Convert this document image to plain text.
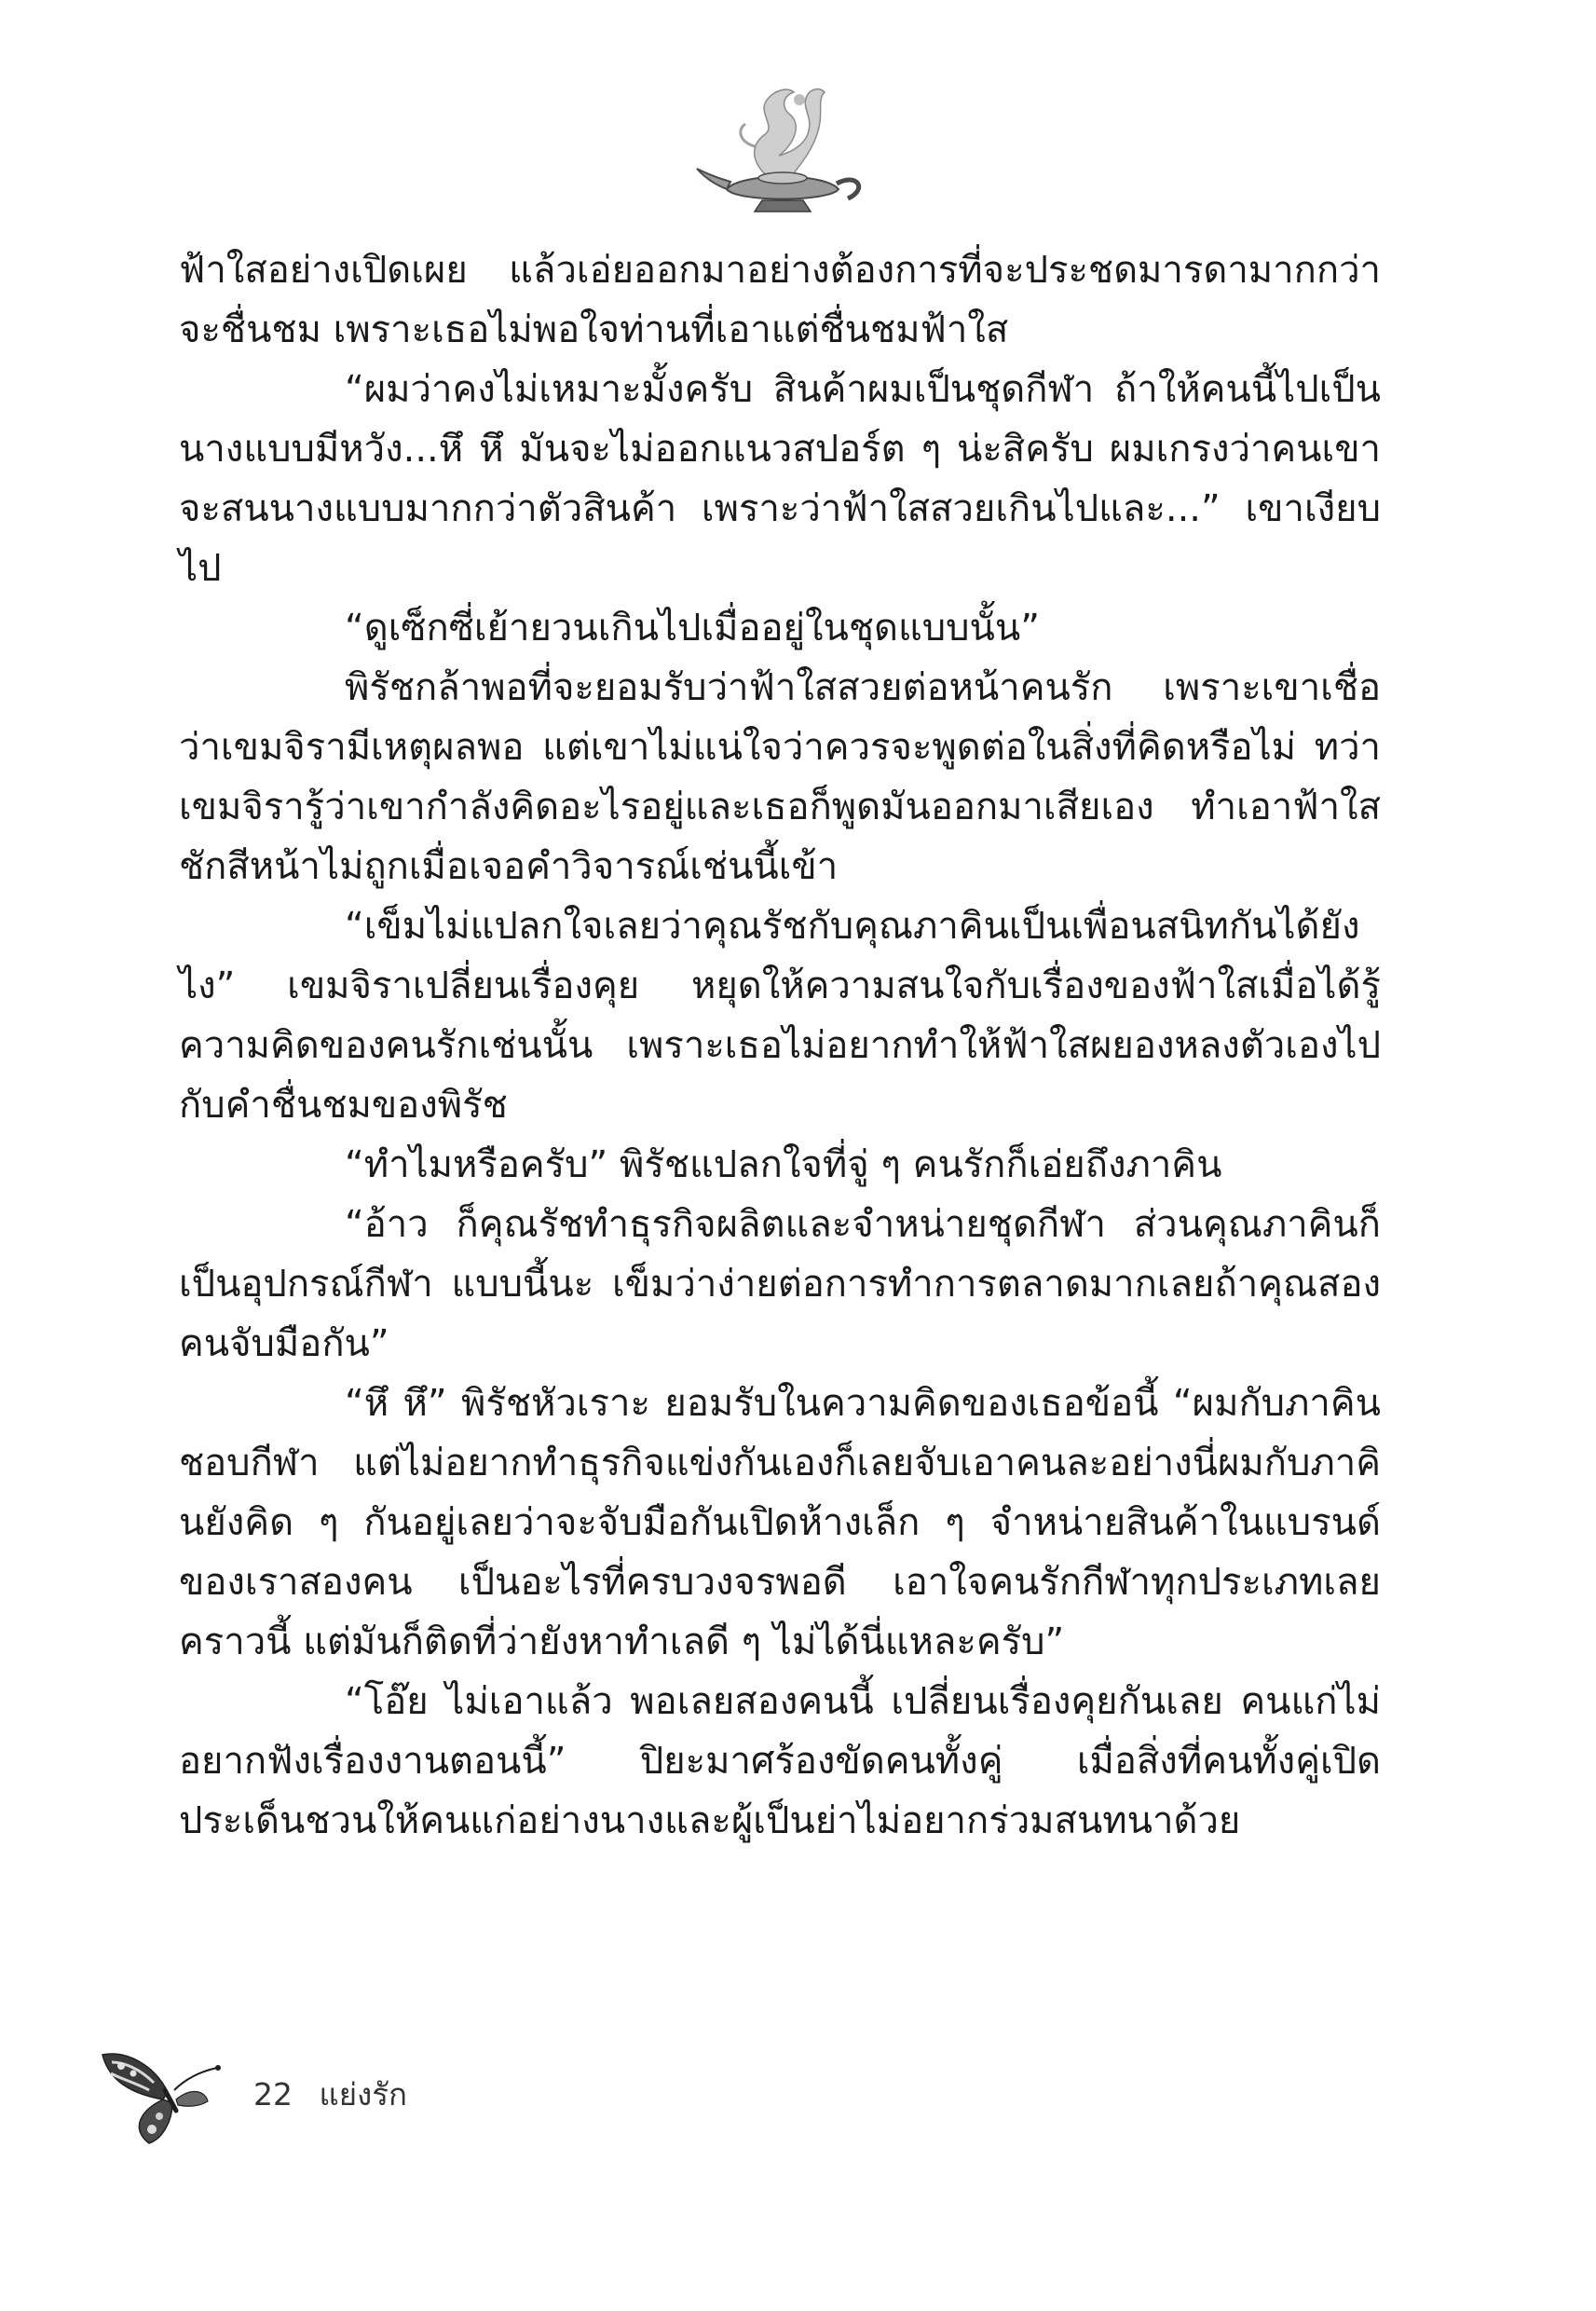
ฟ้าใสอย่างเปิดเผย แล้วเอ่ยออกมาอย่างต้องการที่จะประชดมารดามากกว่าจะชื่นชม เพราะเธอไม่พอใจท่านที่เอาแต่ชื่นชมฟ้าใส

“ผมว่าคงไม่เหมาะมั้งครับ สินค้าผมเป็นชุดกีฬา ถ้าให้คนนี้ไปเป็นนางแบบมีหวัง...หึ หึ มันจะไม่ออกแนวสปอร์ต ๆ น่ะสิครับ ผมเกรงว่าคนเขาจะสนนางแบบมากกว่าตัวสินค้า เพราะว่าฟ้าใสสวยเกินไปและ...” เขาเงียบไป

“ดูเซ็กซี่เย้ายวนเกินไปเมื่ออยู่ในชุดแบบนั้น”

พิรัชกล้าพอที่จะยอมรับว่าฟ้าใสสวยต่อหน้าคนรัก เพราะเขาเชื่อว่าเขมจิรามีเหตุผลพอ แต่เขาไม่แน่ใจว่าควรจะพูดต่อในสิ่งที่คิดหรือไม่ ทว่าเขมจิรารู้ว่าเขากำลังคิดอะไรอยู่และเธอก็พูดมันออกมาเสียเอง ทำเอาฟ้าใสชักสีหน้าไม่ถูกเมื่อเจอคำวิจารณ์เช่นนี้เข้า

“เข็มไม่แปลกใจเลยว่าคุณรัชกับคุณภาคินเป็นเพื่อนสนิทกันได้ยังไง” เขมจิราเปลี่ยนเรื่องคุย หยุดให้ความสนใจกับเรื่องของฟ้าใสเมื่อได้รู้ความคิดของคนรักเช่นนั้น เพราะเธอไม่อยากทำให้ฟ้าใสผยองหลงตัวเองไปกับคำชื่นชมของพิรัช

“ทำไมหรือครับ” พิรัชแปลกใจที่จู่ ๆ คนรักก็เอ่ยถึงภาคิน

“อ้าว ก็คุณรัชทำธุรกิจผลิตและจำหน่ายชุดกีฬา ส่วนคุณภาคินก็เป็นอุปกรณ์กีฬา แบบนี้นะ เข็มว่าง่ายต่อการทำการตลาดมากเลยถ้าคุณสองคนจับมือกัน”

“หึ หึ” พิรัชหัวเราะ ยอมรับในความคิดของเธอข้อนี้ “ผมกับภาคินชอบกีฬา แต่ไม่อยากทำธุรกิจแข่งกันเองก็เลยจับเอาคนละอย่างนี่ผมกับภาคินยังคิด ๆ กันอยู่เลยว่าจะจับมือกันเปิดห้างเล็ก ๆ จำหน่ายสินค้าในแบรนด์ของเราสองคน เป็นอะไรที่ครบวงจรพอดี เอาใจคนรักกีฬาทุกประเภทเลยคราวนี้ แต่มันก็ติดที่ว่ายังหาทำเลดี ๆ ไม่ได้นี่แหละครับ”

“โอ๊ย ไม่เอาแล้ว พอเลยสองคนนี้ เปลี่ยนเรื่องคุยกันเลย คนแก่ไม่อยากฟังเรื่องงานตอนนี้” ปิยะมาศร้องขัดคนทั้งคู่ เมื่อสิ่งที่คนทั้งคู่เปิดประเด็นชวนให้คนแก่อย่างนางและผู้เป็นย่าไม่อยากร่วมสนทนาด้วย

22 แย่งรัก
